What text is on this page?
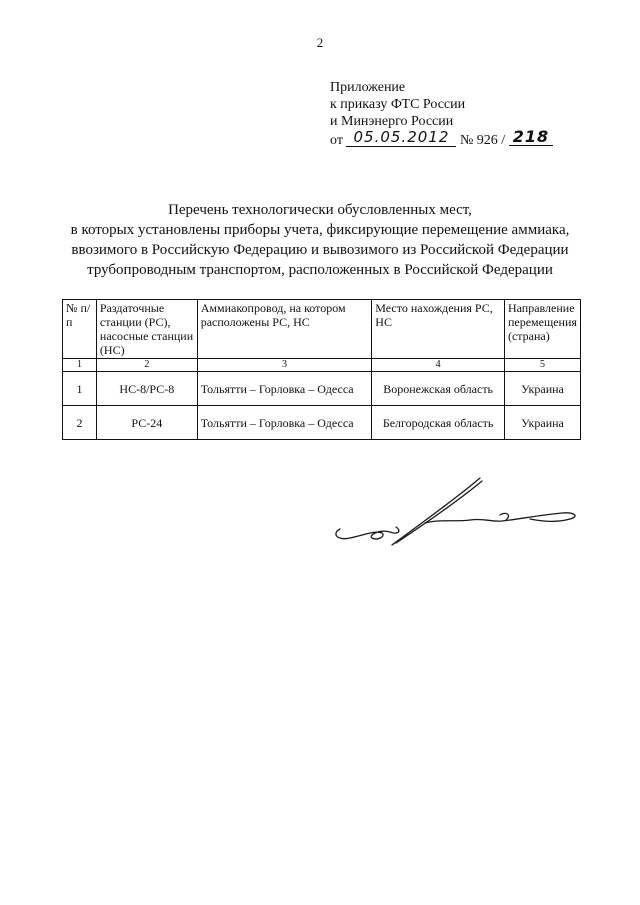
2
Приложение
к приказу ФТС России
и Минэнерго России
от 05.05.2012 № 926 / 218
Перечень технологически обусловленных мест,
в которых установлены приборы учета, фиксирующие перемещение аммиака,
ввозимого в Российскую Федерацию и вывозимого из Российской Федерации
трубопроводным транспортом, расположенных в Российской Федерации
№ п/п	Раздаточные станции (РС), насосные станции (НС)	Аммиакопровод, на котором расположены РС, НС	Место нахождения РС, НС	Направление перемещения (страна)
1	2	3	4	5
1	НС-8/РС-8	Тольятти – Горловка – Одесса	Воронежская область	Украина
2	РС-24	Тольятти – Горловка – Одесса	Белгородская область	Украина
